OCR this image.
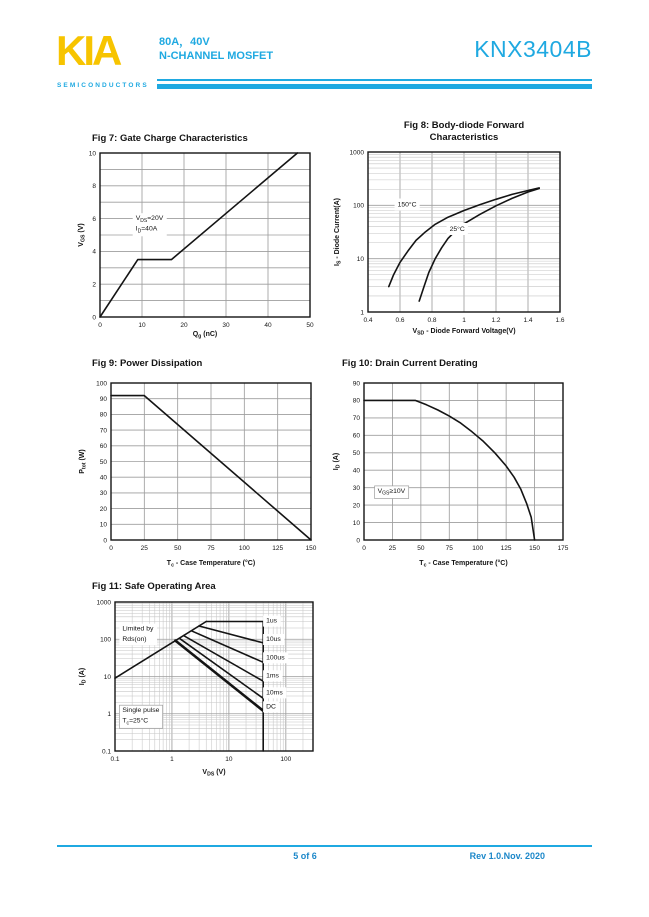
KIA
SEMICONDUCTORS
80A，40V
N-CHANNEL MOSFET	KNX3404B
$V_{DS}=20V$
$I_D=40A$
0	10	20	30	40	50
0
2
4
6
8
10
$Q_g$ (nC)
$V_{GS}$ (V)
Fig 7: Gate Charge Characteristics
150°C
25°C
0.4	0.6	0.8	1	1.2	1.4	1.6
1
10
100
1000
$V_{SD}$ - Diode Forward Voltage(V)
$I_S$ - Diode Current(A)
Fig 8: Body-diode Forward
Characteristics
0	25	50	75	100	125	150
0
10
20
30
40
50
60
70
80
90
100
$T_c$ - Case Temperature (°C)
$P_{tot}$ (W)
Fig 9: Power Dissipation
$V_{GS}\ge 10V$
0	25	50	75	100	125	150	175
0
10
20
30
40
50
60
70
80
90
$T_c$ - Case Temperature (°C)
$I_D$ (A)
Fig 10: Drain Current Derating
Limited by
Rds(on)
Single pulse
$T_c=25^\circ C$
1us
10us
100us
1ms
10ms
DC
0.1	1	10	100
0.1
1
10
100
1000
$V_{DS}$ (V)
$I_D$ (A)
Fig 11: Safe Operating Area
5 of 6	Rev 1.0.Nov. 2020
